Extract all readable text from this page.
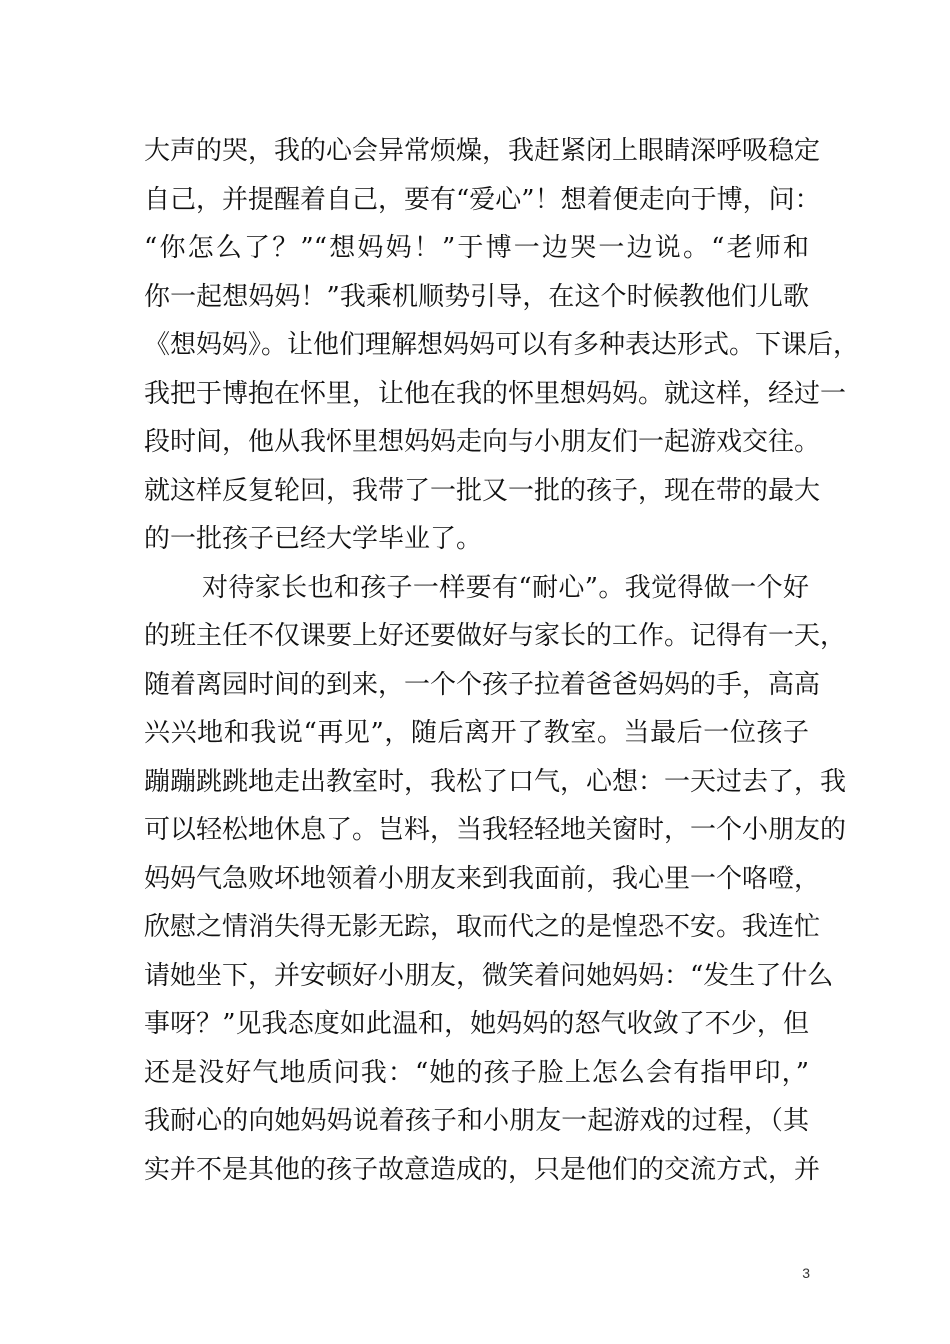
大声的哭，我的心会异常烦燥，我赶紧闭上眼睛深呼吸稳定
自己，并提醒着自己，要有“爱心”！想着便走向于博，问：
“你怎么了？”“想妈妈！”于博一边哭一边说。“老师和
你一起想妈妈！”我乘机顺势引导，在这个时候教他们儿歌
《想妈妈》。让他们理解想妈妈可以有多种表达形式。下课后，
我把于博抱在怀里，让他在我的怀里想妈妈。就这样，经过一
段时间，他从我怀里想妈妈走向与小朋友们一起游戏交往。
就这样反复轮回，我带了一批又一批的孩子，现在带的最大
的一批孩子已经大学毕业了。
对待家长也和孩子一样要有“耐心”。我觉得做一个好
的班主任不仅课要上好还要做好与家长的工作。记得有一天，
随着离园时间的到来，一个个孩子拉着爸爸妈妈的手，高高
兴兴地和我说“再见”，随后离开了教室。当最后一位孩子
蹦蹦跳跳地走出教室时，我松了口气，心想：一天过去了，我
可以轻松地休息了。岂料，当我轻轻地关窗时，一个小朋友的
妈妈气急败坏地领着小朋友来到我面前，我心里一个咯噔，
欣慰之情消失得无影无踪，取而代之的是惶恐不安。我连忙
请她坐下，并安顿好小朋友，微笑着问她妈妈：“发生了什么
事呀？”见我态度如此温和，她妈妈的怒气收敛了不少，但
还是没好气地质问我：“她的孩子脸上怎么会有指甲印，”
我耐心的向她妈妈说着孩子和小朋友一起游戏的过程，（其
实并不是其他的孩子故意造成的，只是他们的交流方式，并
3
